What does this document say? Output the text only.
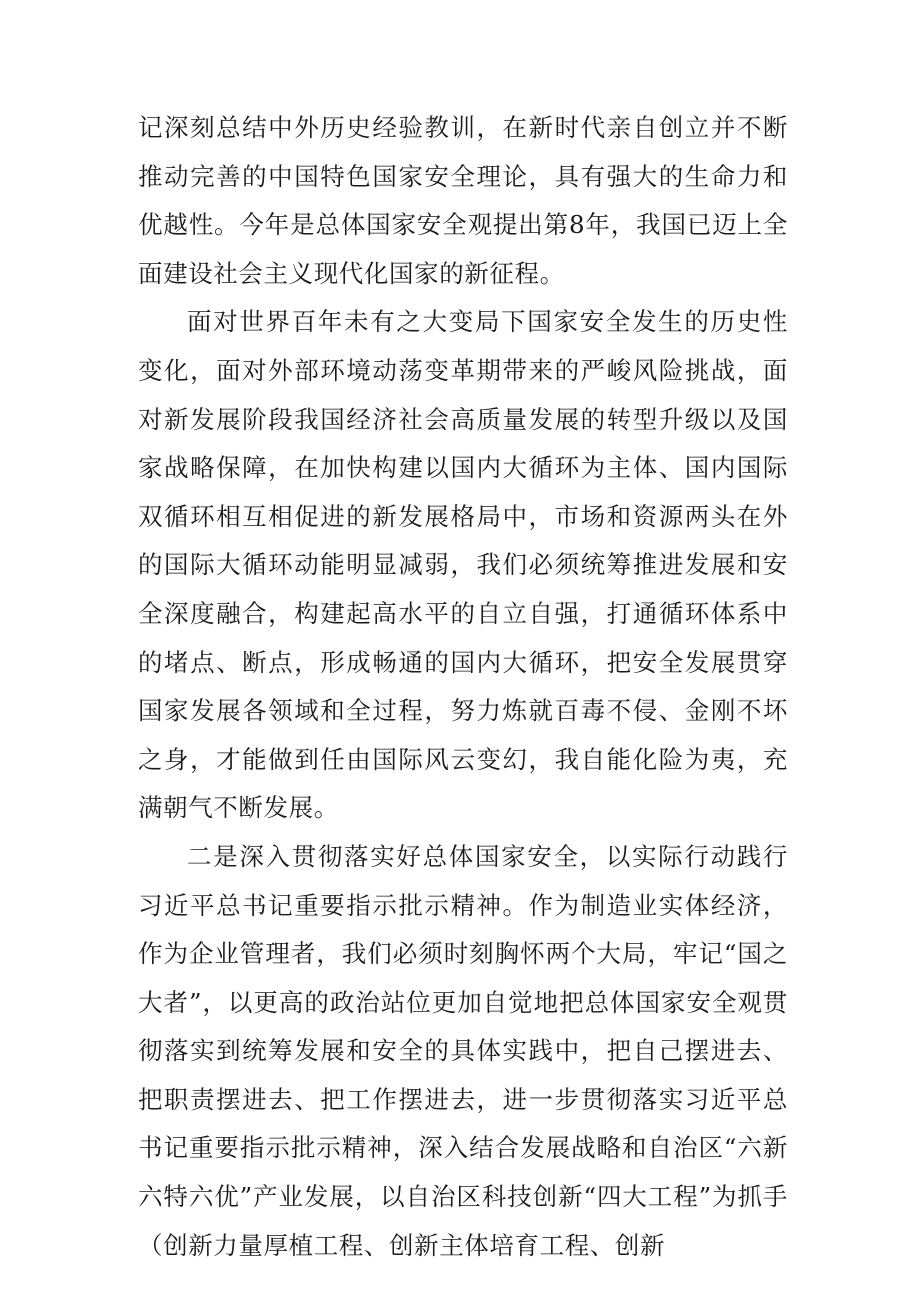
记深刻总结中外历史经验教训，在新时代亲自创立并不断推动完善的中国特色国家安全理论，具有强大的生命力和优越性。今年是总体国家安全观提出第8年，我国已迈上全面建设社会主义现代化国家的新征程。

面对世界百年未有之大变局下国家安全发生的历史性变化，面对外部环境动荡变革期带来的严峻风险挑战，面对新发展阶段我国经济社会高质量发展的转型升级以及国家战略保障，在加快构建以国内大循环为主体、国内国际双循环相互相促进的新发展格局中，市场和资源两头在外的国际大循环动能明显减弱，我们必须统筹推进发展和安全深度融合，构建起高水平的自立自强，打通循环体系中的堵点、断点，形成畅通的国内大循环，把安全发展贯穿国家发展各领域和全过程，努力炼就百毒不侵、金刚不坏之身，才能做到任由国际风云变幻，我自能化险为夷，充满朝气不断发展。

二是深入贯彻落实好总体国家安全，以实际行动践行习近平总书记重要指示批示精神。作为制造业实体经济，作为企业管理者，我们必须时刻胸怀两个大局，牢记“国之大者”，以更高的政治站位更加自觉地把总体国家安全观贯彻落实到统筹发展和安全的具体实践中，把自己摆进去、把职责摆进去、把工作摆进去，进一步贯彻落实习近平总书记重要指示批示精神，深入结合发展战略和自治区“六新六特六优”产业发展，以自治区科技创新“四大工程”为抓手（创新力量厚植工程、创新主体培育工程、创新
